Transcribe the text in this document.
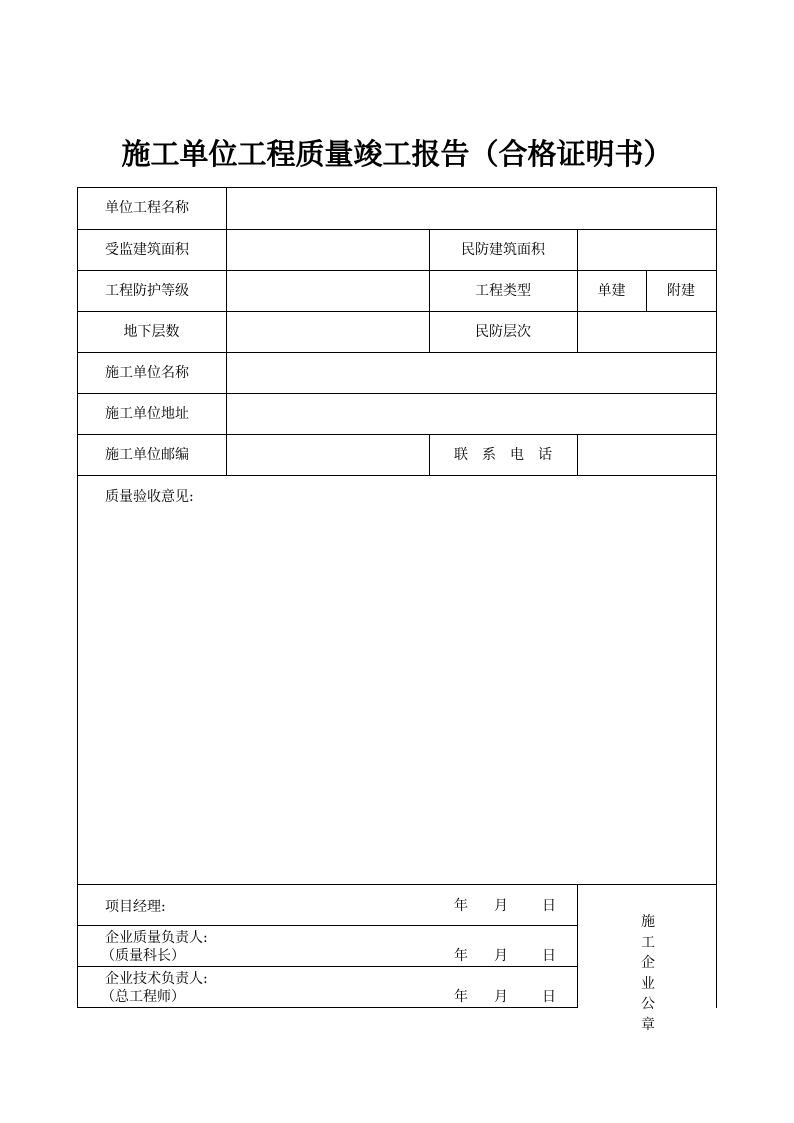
施工单位工程质量竣工报告（合格证明书）
单位工程名称
受监建筑面积	民防建筑面积
工程防护等级	工程类型	单建	附建
地下层数	民防层次
施工单位名称
施工单位地址
施工单位邮编	联系电话
质量验收意见:
项目经理:	年 月 日
企业质量负责人:
（质量科长）	年 月 日
企业技术负责人:
（总工程师）	年 月 日
施工企业公章
